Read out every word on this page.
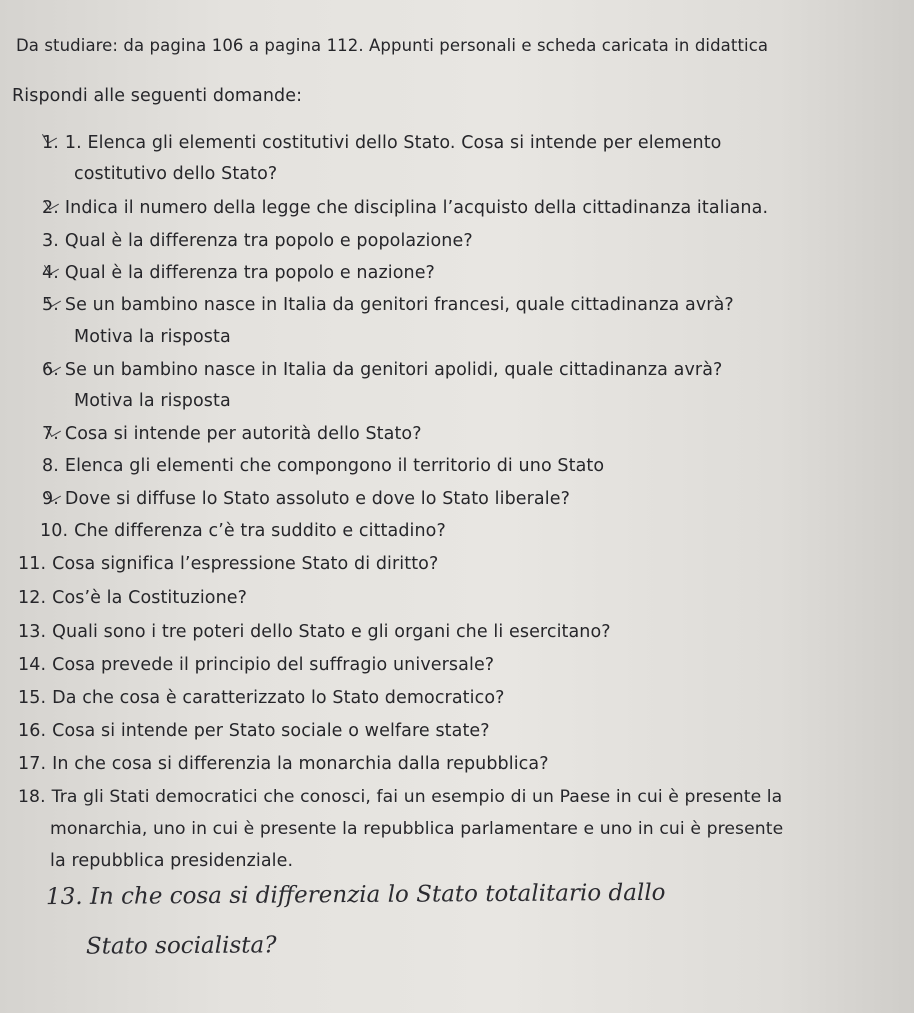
Da studiare: da pagina 106 a pagina 112. Appunti personali e scheda caricata in didattica
Rispondi alle seguenti domande:
1. 1. Elenca gli elementi costitutivi dello Stato. Cosa si intende per elemento
costitutivo dello Stato?
2. Indica il numero della legge che disciplina l’acquisto della cittadinanza italiana.
3. Qual è la differenza tra popolo e popolazione?
4. Qual è la differenza tra popolo e nazione?
5. Se un bambino nasce in Italia da genitori francesi, quale cittadinanza avrà?
Motiva la risposta
6. Se un bambino nasce in Italia da genitori apolidi, quale cittadinanza avrà?
Motiva la risposta
7. Cosa si intende per autorità dello Stato?
8. Elenca gli elementi che compongono il territorio di uno Stato
9. Dove si diffuse lo Stato assoluto e dove lo Stato liberale?
10. Che differenza c’è tra suddito e cittadino?
11. Cosa significa l’espressione Stato di diritto?
12. Cos’è la Costituzione?
13. Quali sono i tre poteri dello Stato e gli organi che li esercitano?
14. Cosa prevede il principio del suffragio universale?
15. Da che cosa è caratterizzato lo Stato democratico?
16. Cosa si intende per Stato sociale o welfare state?
17. In che cosa si differenzia la monarchia dalla repubblica?
18. Tra gli Stati democratici che conosci, fai un esempio di un Paese in cui è presente la
monarchia, uno in cui è presente la repubblica parlamentare e uno in cui è presente
la repubblica presidenziale.
13. In che cosa si differenzia lo Stato totalitario dallo
Stato socialista?
